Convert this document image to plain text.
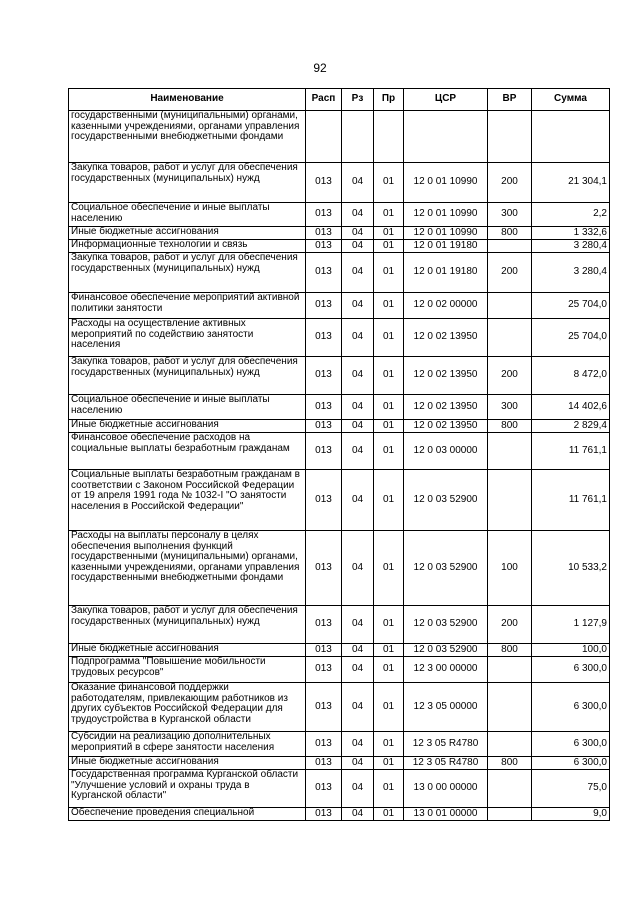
92
Наименование	Расп	Рз	Пр	ЦСР	ВР	Сумма
государственными (муниципальными) органами, казенными учреждениями, органами управления государственными внебюджетными фондами						
Закупка товаров, работ и услуг для обеспечения государственных (муниципальных) нужд	013	04	01	12 0 01 10990	200	21 304,1
Социальное обеспечение и иные выплаты населению	013	04	01	12 0 01 10990	300	2,2
Иные бюджетные ассигнования	013	04	01	12 0 01 10990	800	1 332,6
Информационные технологии и связь	013	04	01	12 0 01 19180		3 280,4
Закупка товаров, работ и услуг для обеспечения государственных (муниципальных) нужд	013	04	01	12 0 01 19180	200	3 280,4
Финансовое обеспечение мероприятий активной политики занятости	013	04	01	12 0 02 00000		25 704,0
Расходы на осуществление активных мероприятий по содействию занятости населения	013	04	01	12 0 02 13950		25 704,0
Закупка товаров, работ и услуг для обеспечения государственных (муниципальных) нужд	013	04	01	12 0 02 13950	200	8 472,0
Социальное обеспечение и иные выплаты населению	013	04	01	12 0 02 13950	300	14 402,6
Иные бюджетные ассигнования	013	04	01	12 0 02 13950	800	2 829,4
Финансовое обеспечение расходов на социальные выплаты безработным гражданам	013	04	01	12 0 03 00000		11 761,1
Социальные выплаты безработным гражданам в соответствии с Законом Российской Федерации от 19 апреля 1991 года № 1032-I "О занятости населения в Российской Федерации"	013	04	01	12 0 03 52900		11 761,1
Расходы на выплаты персоналу в целях обеспечения выполнения функций государственными (муниципальными) органами, казенными учреждениями, органами управления государственными внебюджетными фондами	013	04	01	12 0 03 52900	100	10 533,2
Закупка товаров, работ и услуг для обеспечения государственных (муниципальных) нужд	013	04	01	12 0 03 52900	200	1 127,9
Иные бюджетные ассигнования	013	04	01	12 0 03 52900	800	100,0
Подпрограмма "Повышение мобильности трудовых ресурсов"	013	04	01	12 3 00 00000		6 300,0
Оказание финансовой поддержки работодателям, привлекающим работников из других субъектов Российской Федерации для трудоустройства в Курганской области	013	04	01	12 3 05 00000		6 300,0
Субсидии на реализацию дополнительных мероприятий в сфере занятости населения	013	04	01	12 3 05 R4780		6 300,0
Иные бюджетные ассигнования	013	04	01	12 3 05 R4780	800	6 300,0
Государственная программа Курганской области "Улучшение условий и охраны труда в Курганской области"	013	04	01	13 0 00 00000		75,0
Обеспечение проведения специальной	013	04	01	13 0 01 00000		9,0
